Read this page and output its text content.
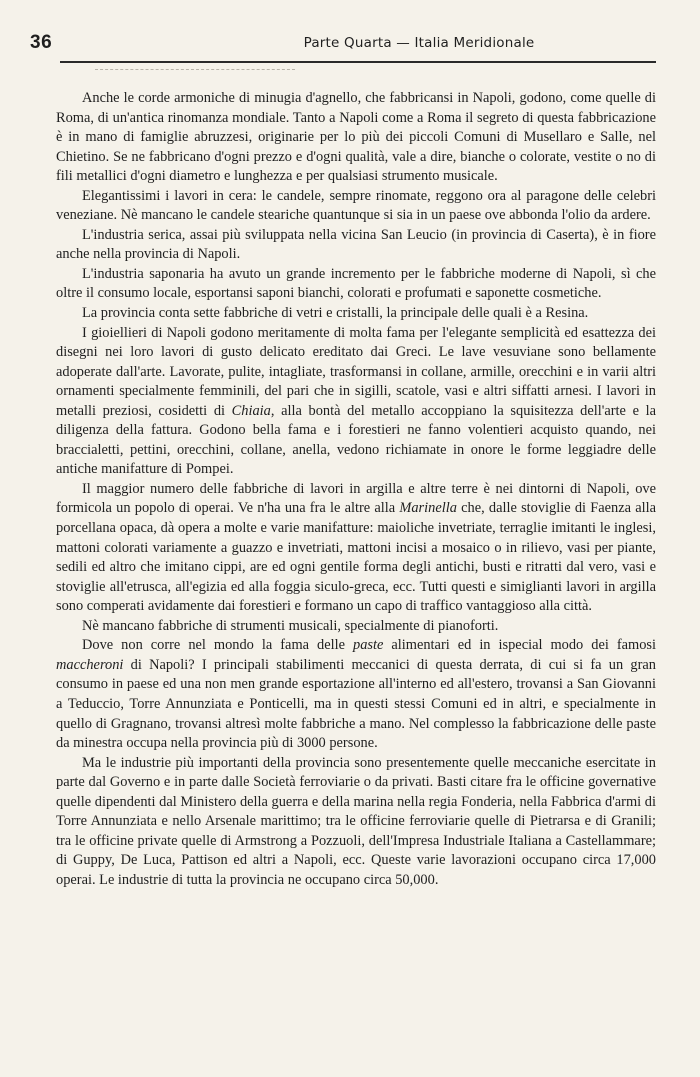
36	Parte Quarta — Italia Meridionale

Anche le corde armoniche di minugia d'agnello, che fabbricansi in Napoli, godono, come quelle di Roma, di un'antica rinomanza mondiale. Tanto a Napoli come a Roma il segreto di questa fabbricazione è in mano di famiglie abruzzesi, originarie per lo più dei piccoli Comuni di Musellaro e Salle, nel Chietino. Se ne fabbricano d'ogni prezzo e d'ogni qualità, vale a dire, bianche o colorate, vestite o no di fili metallici d'ogni diametro e lunghezza e per qualsiasi strumento musicale.

Elegantissimi i lavori in cera: le candele, sempre rinomate, reggono ora al paragone delle celebri veneziane. Nè mancano le candele steariche quantunque si sia in un paese ove abbonda l'olio da ardere.

L'industria serica, assai più sviluppata nella vicina San Leucio (in provincia di Caserta), è in fiore anche nella provincia di Napoli.

L'industria saponaria ha avuto un grande incremento per le fabbriche moderne di Napoli, sì che oltre il consumo locale, esportansi saponi bianchi, colorati e profumati e saponette cosmetiche.

La provincia conta sette fabbriche di vetri e cristalli, la principale delle quali è a Resina.

I gioiellieri di Napoli godono meritamente di molta fama per l'elegante semplicità ed esattezza dei disegni nei loro lavori di gusto delicato ereditato dai Greci. Le lave vesuviane sono bellamente adoperate dall'arte. Lavorate, pulite, intagliate, trasformansi in collane, armille, orecchini e in varii altri ornamenti specialmente femminili, del pari che in sigilli, scatole, vasi e altri siffatti arnesi. I lavori in metalli preziosi, cosidetti di Chiaia, alla bontà del metallo accoppiano la squisitezza dell'arte e la diligenza della fattura. Godono bella fama e i forestieri ne fanno volentieri acquisto quando, nei braccialetti, pettini, orecchini, collane, anella, vedono richiamate in onore le forme leggiadre delle antiche manifatture di Pompei.

Il maggior numero delle fabbriche di lavori in argilla e altre terre è nei dintorni di Napoli, ove formicola un popolo di operai. Ve n'ha una fra le altre alla Marinella che, dalle stoviglie di Faenza alla porcellana opaca, dà opera a molte e varie manifatture: maioliche invetriate, terraglie imitanti le inglesi, mattoni colorati variamente a guazzo e invetriati, mattoni incisi a mosaico o in rilievo, vasi per piante, sedili ed altro che imitano cippi, are ed ogni gentile forma degli antichi, busti e ritratti dal vero, vasi e stoviglie all'etrusca, all'egizia ed alla foggia siculo-greca, ecc. Tutti questi e simiglianti lavori in argilla sono comperati avidamente dai forestieri e formano un capo di traffico vantaggioso alla città.

Nè mancano fabbriche di strumenti musicali, specialmente di pianoforti.

Dove non corre nel mondo la fama delle paste alimentari ed in ispecial modo dei famosi maccheroni di Napoli? I principali stabilimenti meccanici di questa derrata, di cui si fa un gran consumo in paese ed una non men grande esportazione all'interno ed all'estero, trovansi a San Giovanni a Teduccio, Torre Annunziata e Ponticelli, ma in questi stessi Comuni ed in altri, e specialmente in quello di Gragnano, trovansi altresì molte fabbriche a mano. Nel complesso la fabbricazione delle paste da minestra occupa nella provincia più di 3000 persone.

Ma le industrie più importanti della provincia sono presentemente quelle meccaniche esercitate in parte dal Governo e in parte dalle Società ferroviarie o da privati. Basti citare fra le officine governative quelle dipendenti dal Ministero della guerra e della marina nella regia Fonderia, nella Fabbrica d'armi di Torre Annunziata e nello Arsenale marittimo; tra le officine ferroviarie quelle di Pietrarsa e di Granili; tra le officine private quelle di Armstrong a Pozzuoli, dell'Impresa Industriale Italiana a Castellammare; di Guppy, De Luca, Pattison ed altri a Napoli, ecc. Queste varie lavorazioni occupano circa 17,000 operai. Le industrie di tutta la provincia ne occupano circa 50,000.
